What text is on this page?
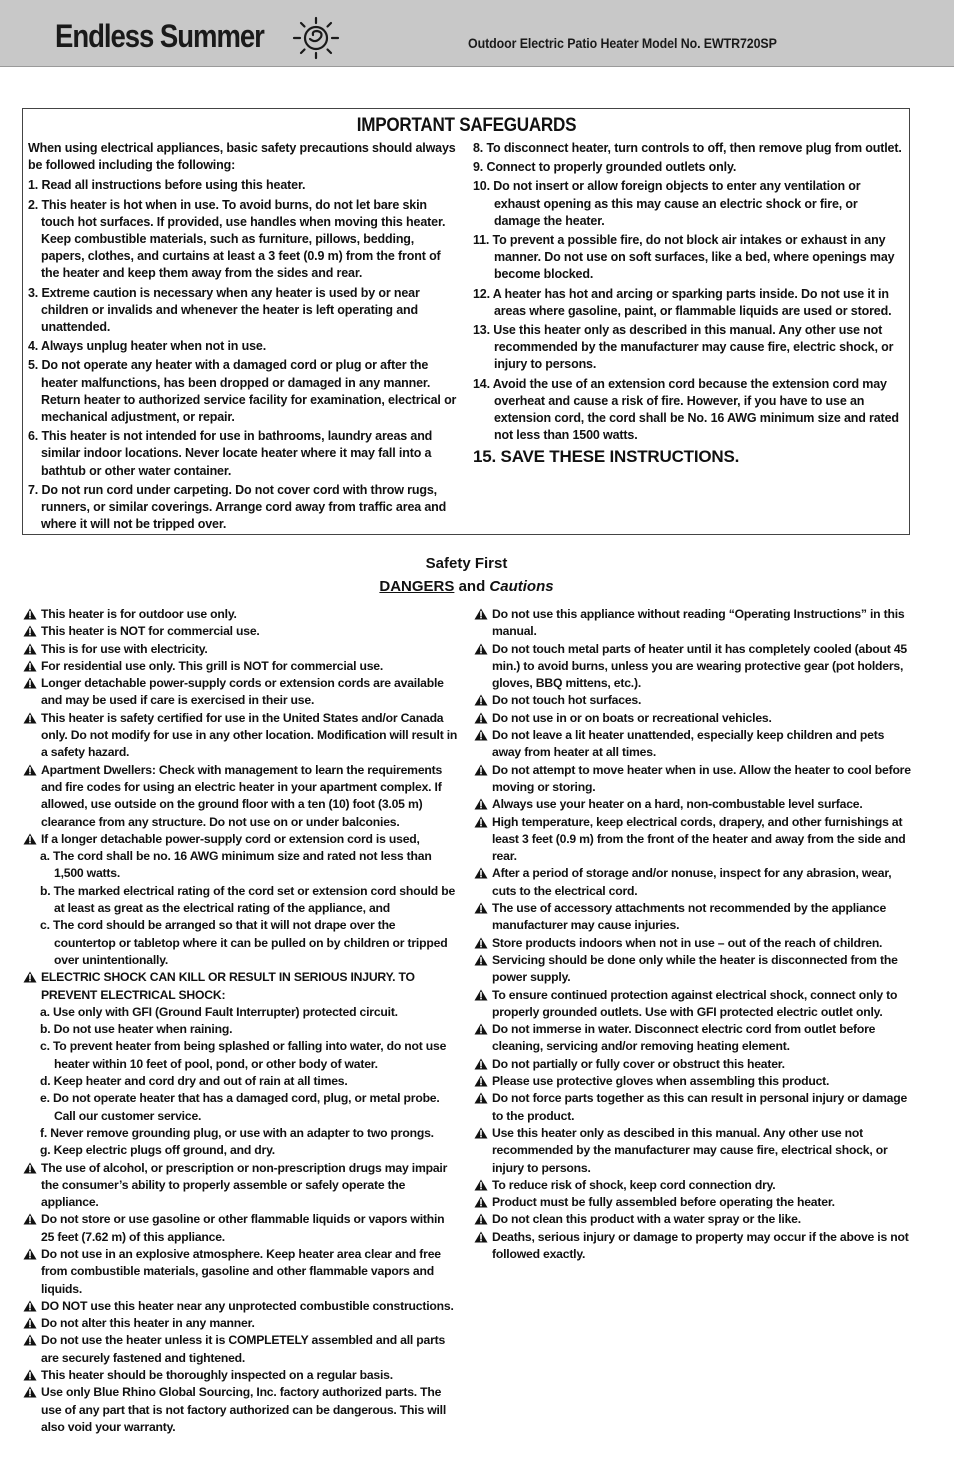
Endless Summer	Outdoor Electric Patio Heater Model No. EWTR720SP
IMPORTANT SAFEGUARDS

When using electrical appliances, basic safety precautions should always be followed including the following:

1. Read all instructions before using this heater.

2. This heater is hot when in use. To avoid burns, do not let bare skin touch hot surfaces. If provided, use handles when moving this heater. Keep combustible materials, such as furniture, pillows, bedding, papers, clothes, and curtains at least a 3 feet (0.9 m) from the front of the heater and keep them away from the sides and rear.

3. Extreme caution is necessary when any heater is used by or near children or invalids and whenever the heater is left operating and unattended.

4. Always unplug heater when not in use.

5. Do not operate any heater with a damaged cord or plug or after the heater malfunctions, has been dropped or damaged in any manner. Return heater to authorized service facility for examination, electrical or mechanical adjustment, or repair.

6. This heater is not intended for use in bathrooms, laundry areas and similar indoor locations. Never locate heater where it may fall into a bathtub or other water container.

7. Do not run cord under carpeting. Do not cover cord with throw rugs, runners, or similar coverings. Arrange cord away from traffic area and where it will not be tripped over.

8. To disconnect heater, turn controls to off, then remove plug from outlet.

9. Connect to properly grounded outlets only.

10. Do not insert or allow foreign objects to enter any ventilation or exhaust opening as this may cause an electric shock or fire, or damage the heater.

11. To prevent a possible fire, do not block air intakes or exhaust in any manner. Do not use on soft surfaces, like a bed, where openings may become blocked.

12. A heater has hot and arcing or sparking parts inside. Do not use it in areas where gasoline, paint, or flammable liquids are used or stored.

13. Use this heater only as described in this manual. Any other use not recommended by the manufacturer may cause fire, electric shock, or injury to persons.

14. Avoid the use of an extension cord because the extension cord may overheat and cause a risk of fire. However, if you have to use an extension cord, the cord shall be No. 16 AWG minimum size and rated not less than 1500 watts.

15. SAVE THESE INSTRUCTIONS.

Safety First
DANGERS and Cautions

This heater is for outdoor use only.

This heater is NOT for commercial use.

This is for use with electricity.

For residential use only. This grill is NOT for commercial use.

Longer detachable power-supply cords or extension cords are available and may be used if care is exercised in their use.

This heater is safety certified for use in the United States and/or Canada only. Do not modify for use in any other location. Modification will result in a safety hazard.

Apartment Dwellers: Check with management to learn the requirements and fire codes for using an electric heater in your apartment complex. If allowed, use outside on the ground floor with a ten (10) foot (3.05 m) clearance from any structure. Do not use on or under balconies.

If a longer detachable power-supply cord or extension cord is used,

a. The cord shall be no. 16 AWG minimum size and rated not less than 1,500 watts.

b. The marked electrical rating of the cord set or extension cord should be at least as great as the electrical rating of the appliance, and

c. The cord should be arranged so that it will not drape over the countertop or tabletop where it can be pulled on by children or tripped over unintentionally.

ELECTRIC SHOCK CAN KILL OR RESULT IN SERIOUS INJURY. TO PREVENT ELECTRICAL SHOCK:

a. Use only with GFI (Ground Fault Interrupter) protected circuit.

b. Do not use heater when raining.

c. To prevent heater from being splashed or falling into water, do not use heater within 10 feet of pool, pond, or other body of water.

d. Keep heater and cord dry and out of rain at all times.

e. Do not operate heater that has a damaged cord, plug, or metal probe. Call our customer service.

f. Never remove grounding plug, or use with an adapter to two prongs.

g. Keep electric plugs off ground, and dry.

The use of alcohol, or prescription or non-prescription drugs may impair the consumer’s ability to properly assemble or safely operate the appliance.

Do not store or use gasoline or other flammable liquids or vapors within 25 feet (7.62 m) of this appliance.

Do not use in an explosive atmosphere. Keep heater area clear and free from combustible materials, gasoline and other flammable vapors and liquids.

DO NOT use this heater near any unprotected combustible constructions.

Do not alter this heater in any manner.

Do not use the heater unless it is COMPLETELY assembled and all parts are securely fastened and tightened.

This heater should be thoroughly inspected on a regular basis.

Use only Blue Rhino Global Sourcing, Inc. factory authorized parts. The use of any part that is not factory authorized can be dangerous. This will also void your warranty.

Do not use this appliance without reading “Operating Instructions” in this manual.

Do not touch metal parts of heater until it has completely cooled (about 45 min.) to avoid burns, unless you are wearing protective gear (pot holders, gloves, BBQ mittens, etc.).

Do not touch hot surfaces.

Do not use in or on boats or recreational vehicles.

Do not leave a lit heater unattended, especially keep children and pets away from heater at all times.

Do not attempt to move heater when in use. Allow the heater to cool before moving or storing.

Always use your heater on a hard, non-combustable level surface.

High temperature, keep electrical cords, drapery, and other furnishings at least 3 feet (0.9 m) from the front of the heater and away from the side and rear.

After a period of storage and/or nonuse, inspect for any abrasion, wear, cuts to the electrical cord.

The use of accessory attachments not recommended by the appliance manufacturer may cause injuries.

Store products indoors when not in use – out of the reach of children.

Servicing should be done only while the heater is disconnected from the power supply.

To ensure continued protection against electrical shock, connect only to properly grounded outlets. Use with GFI protected electric outlet only.

Do not immerse in water. Disconnect electric cord from outlet before cleaning, servicing and/or removing heating element.

Do not partially or fully cover or obstruct this heater.

Please use protective gloves when assembling this product.

Do not force parts together as this can result in personal injury or damage to the product.

Use this heater only as descibed in this manual. Any other use not recommended by the manufacturer may cause fire, electrical shock, or injury to persons.

To reduce risk of shock, keep cord connection dry.

Product must be fully assembled before operating the heater.

Do not clean this product with a water spray or the like.

Deaths, serious injury or damage to property may occur if the above is not followed exactly.
